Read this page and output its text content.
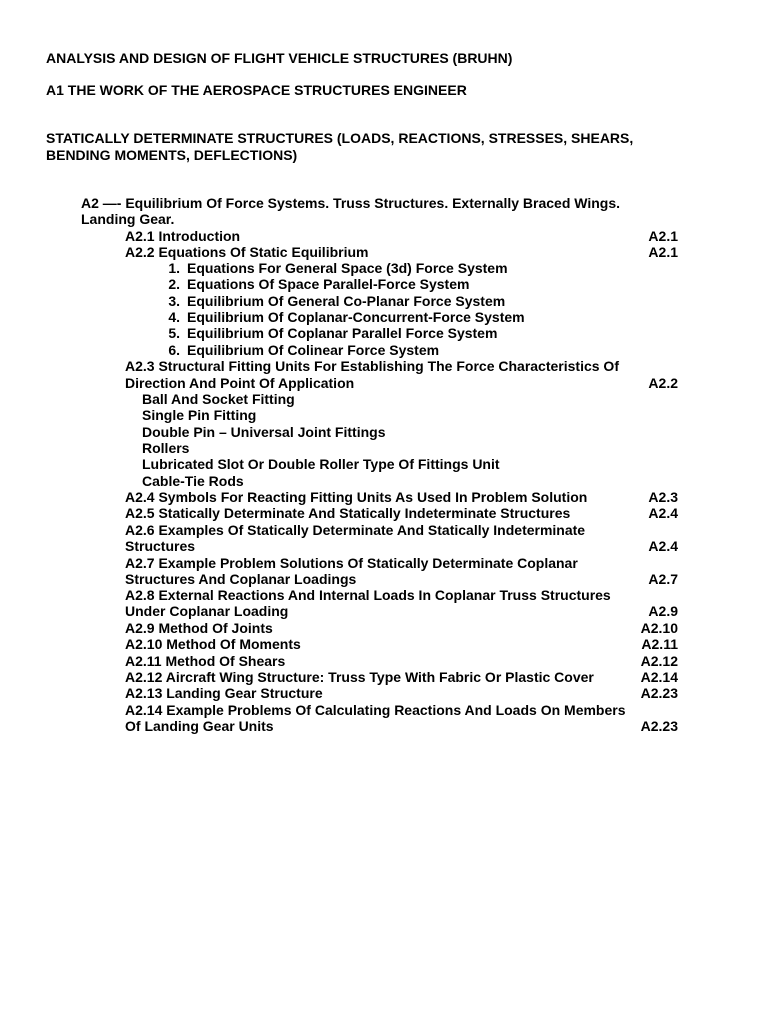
ANALYSIS AND DESIGN OF FLIGHT VEHICLE STRUCTURES (BRUHN)
A1 THE WORK OF THE AEROSPACE STRUCTURES ENGINEER
STATICALLY DETERMINATE STRUCTURES (LOADS, REACTIONS, STRESSES, SHEARS,
BENDING MOMENTS, DEFLECTIONS)
A2 —- Equilibrium Of Force Systems. Truss Structures. Externally Braced Wings.
Landing Gear.
A2.1 Introduction	A2.1
A2.2 Equations Of Static Equilibrium	A2.1
1. Equations For General Space (3d) Force System
2. Equations Of Space Parallel-Force System
3. Equilibrium Of General Co-Planar Force System
4. Equilibrium Of Coplanar-Concurrent-Force System
5. Equilibrium Of Coplanar Parallel Force System
6. Equilibrium Of Colinear Force System
A2.3 Structural Fitting Units For Establishing The Force Characteristics Of
Direction And Point Of Application	A2.2
Ball And Socket Fitting
Single Pin Fitting
Double Pin – Universal Joint Fittings
Rollers
Lubricated Slot Or Double Roller Type Of Fittings Unit
Cable-Tie Rods
A2.4 Symbols For Reacting Fitting Units As Used In Problem Solution	A2.3
A2.5 Statically Determinate And Statically Indeterminate Structures	A2.4
A2.6 Examples Of Statically Determinate And Statically Indeterminate
Structures	A2.4
A2.7 Example Problem Solutions Of Statically Determinate Coplanar
Structures And Coplanar Loadings	A2.7
A2.8 External Reactions And Internal Loads In Coplanar Truss Structures
Under Coplanar Loading	A2.9
A2.9 Method Of Joints	A2.10
A2.10 Method Of Moments	A2.11
A2.11 Method Of Shears	A2.12
A2.12 Aircraft Wing Structure: Truss Type With Fabric Or Plastic Cover	A2.14
A2.13 Landing Gear Structure	A2.23
A2.14 Example Problems Of Calculating Reactions And Loads On Members
Of Landing Gear Units	A2.23
